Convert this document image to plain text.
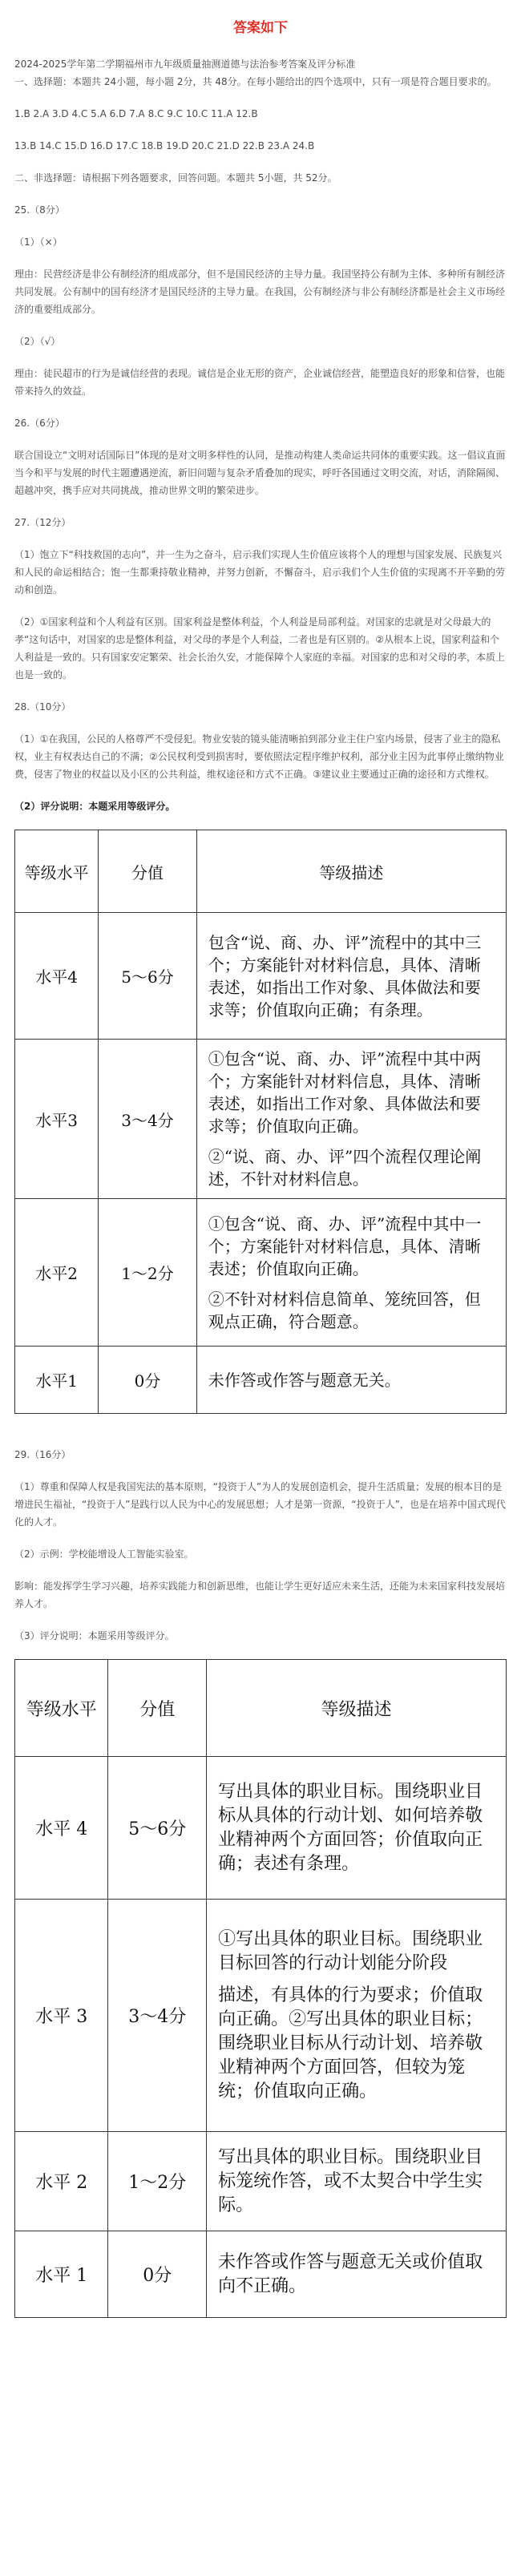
答案如下

2024-2025学年第二学期福州市九年级质量抽测道德与法治参考答案及评分标准
一、选择题：本题共 24小题，每小题 2分，共 48分。在每小题给出的四个选项中，只有一项是符合题目要求的。

1.B 2.A 3.D 4.C 5.A 6.D 7.A 8.C 9.C 10.C 11.A 12.B

13.B 14.C 15.D 16.D 17.C 18.B 19.D 20.C 21.D 22.B 23.A 24.B

二、非选择题：请根据下列各题要求，回答问题。本题共 5小题，共 52分。

25.（8分）

（1）（×）

理由：民营经济是非公有制经济的组成部分，但不是国民经济的主导力量。我国坚持公有制为主体、多种所有制经济共同发展。公有制中的国有经济才是国民经济的主导力量。在我国，公有制经济与非公有制经济都是社会主义市场经济的重要组成部分。

（2）（√）

理由：徒民超市的行为是诚信经营的表现。诚信是企业无形的资产，企业诚信经营，能塑造良好的形象和信誉，也能带来持久的效益。

26.（6分）

联合国设立“文明对话国际日”体现的是对文明多样性的认同，是推动构建人类命运共同体的重要实践。这一倡议直面当今和平与发展的时代主题遭遇逆流，新旧问题与复杂矛盾叠加的现实，呼吁各国通过文明交流，对话，消除隔阂、超越冲突，携手应对共同挑战，推动世界文明的繁荣进步。

27.（12分）

（1）饱立下“科技救国的志向”，并一生为之奋斗，启示我们实现人生价值应该将个人的理想与国家发展、民族复兴和人民的命运相结合；饱一生都秉持敬业精神，并努力创新，不懈奋斗，启示我们个人生价值的实现离不开辛勤的劳动和创造。

（2）①国家利益和个人利益有区别。国家利益是整体利益，个人利益是局部利益。对国家的忠就是对父母最大的孝“这句话中，对国家的忠是整体利益，对父母的孝是个人利益，二者也是有区别的。②从根本上说，国家利益和个人利益是一致的。只有国家安定繁荣、社会长治久安，才能保障个人家庭的幸福。对国家的忠和对父母的孝，本质上也是一致的。

28.（10分）

（1）①在我国，公民的人格尊严不受侵犯。物业安装的镜头能清晰拍到部分业主住户室内场景，侵害了业主的隐私权，业主有权表达自己的不满；②公民权利受到损害时，要依照法定程序维护权利，部分业主因为此事停止缴纳物业费，侵害了物业的权益以及小区的公共利益，维权途径和方式不正确。③建议业主要通过正确的途径和方式维权。

（2）评分说明：本题采用等级评分。

等级水平	分值	等级描述
水平4	5～6分	包含“说、商、办、评”流程中的其中三个；方案能针对材料信息，具体、清晰表述，如指出工作对象、具体做法和要求等；价值取向正确；有条理。
水平3	3～4分	①包含“说、商、办、评”流程中其中两个；方案能针对材料信息，具体、清晰表述，如指出工作对象、具体做法和要求等；价值取向正确。
②“说、商、办、评”四个流程仅理论阐述，不针对材料信息。
水平2	1～2分	①包含“说、商、办、评”流程中其中一个；方案能针对材料信息，具体、清晰表述；价值取向正确。
②不针对材料信息简单、笼统回答，但观点正确，符合题意。
水平1	0分	未作答或作答与题意无关。

29.（16分）

（1）尊重和保障人权是我国宪法的基本原则，“投资于人”为人的发展创造机会，提升生活质量；发展的根本目的是增进民生福祉，“投资于人”是践行以人民为中心的发展思想；人才是第一资源，“投资于人”，也是在培养中国式现代化的人才。

（2）示例：学校能增设人工智能实验室。

影响：能发挥学生学习兴趣，培养实践能力和创新思维，也能让学生更好适应未来生活，还能为未来国家科技发展培养人才。

（3）评分说明：本题采用等级评分。

等级水平	分值	等级描述
水平 4	5～6分	写出具体的职业目标。围绕职业目标从具体的行动计划、如何培养敬业精神两个方面回答；价值取向正确；表述有条理。
水平 3	3～4分	①写出具体的职业目标。围绕职业目标回答的行动计划能分阶段
描述，有具体的行为要求；价值取向正确。②写出具体的职业目标；围绕职业目标从行动计划、培养敬业精神两个方面回答，但较为笼统；价值取向正确。
水平 2	1～2分	写出具体的职业目标。围绕职业目标笼统作答，或不太契合中学生实际。
水平 1	0分	未作答或作答与题意无关或价值取向不正确。
